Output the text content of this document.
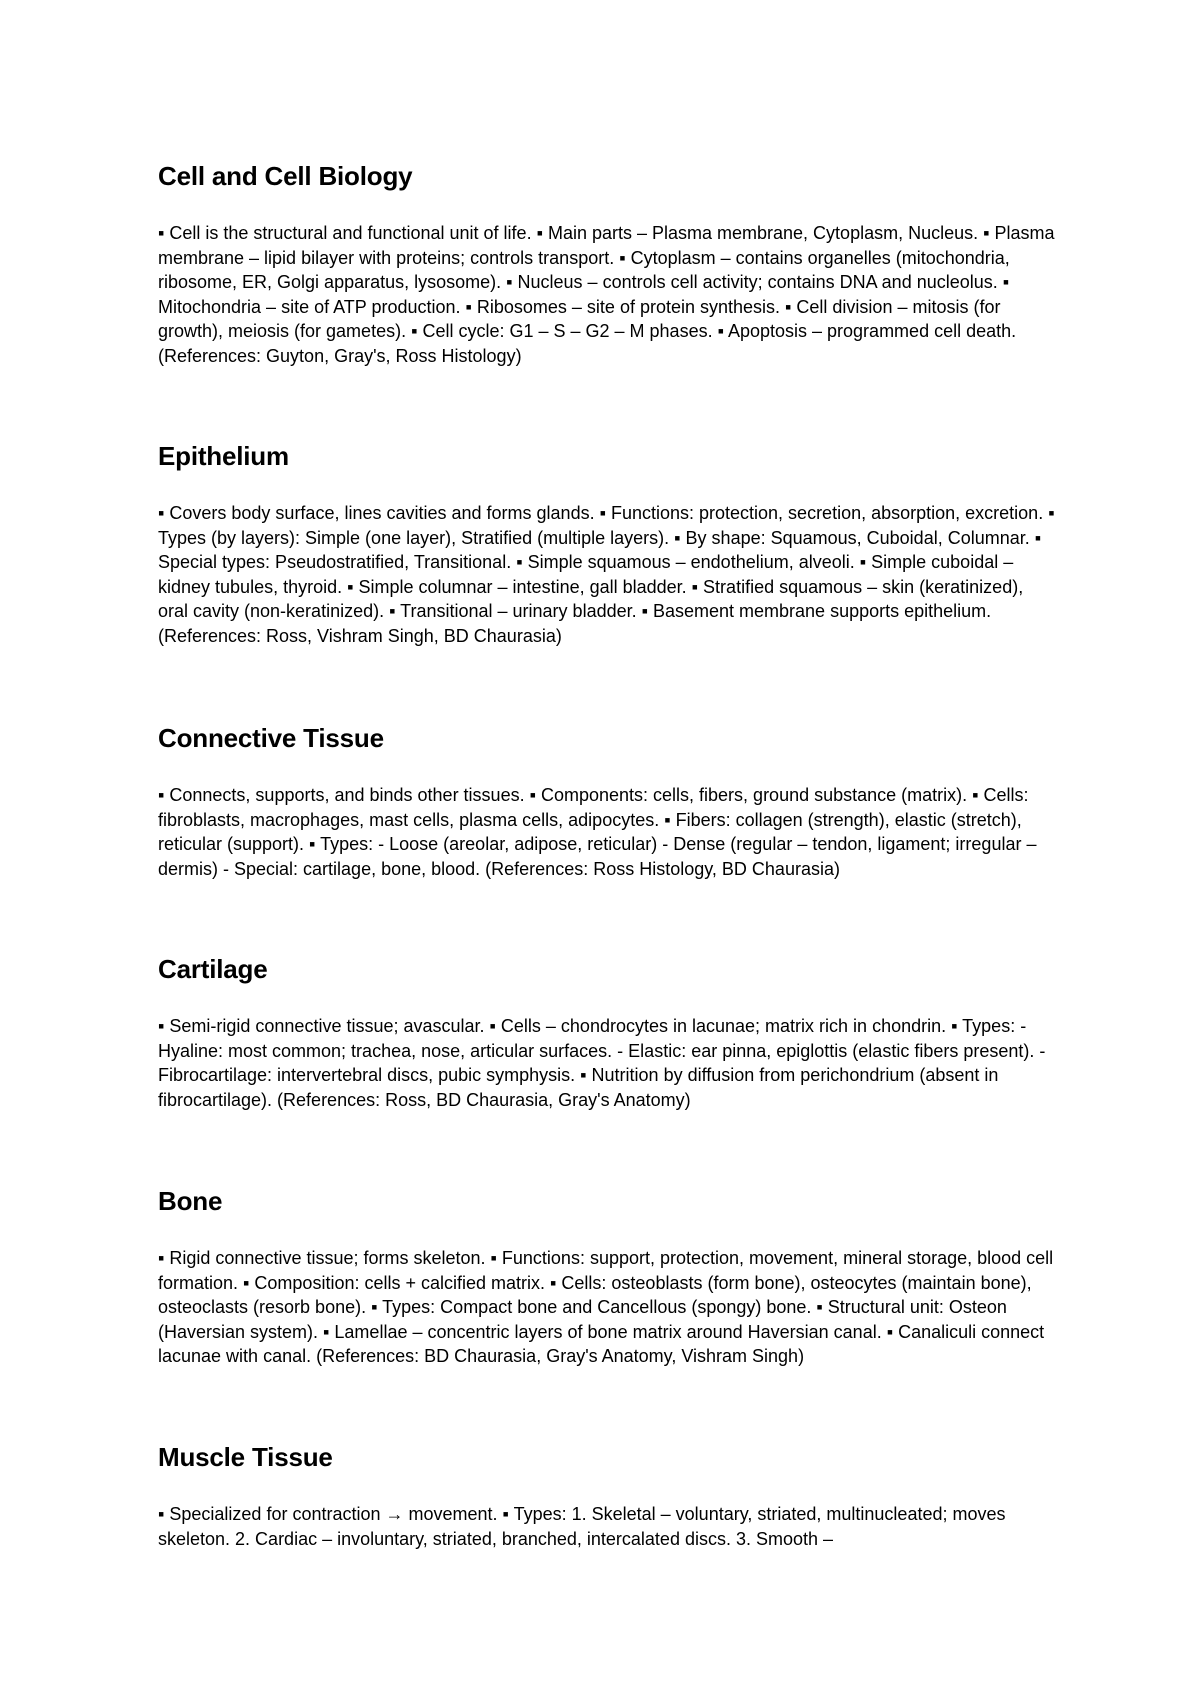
Cell and Cell Biology

▪ Cell is the structural and functional unit of life. ▪ Main parts – Plasma membrane, Cytoplasm, Nucleus. ▪ Plasma membrane – lipid bilayer with proteins; controls transport. ▪ Cytoplasm – contains organelles (mitochondria, ribosome, ER, Golgi apparatus, lysosome). ▪ Nucleus – controls cell activity; contains DNA and nucleolus. ▪ Mitochondria – site of ATP production. ▪ Ribosomes – site of protein synthesis. ▪ Cell division – mitosis (for growth), meiosis (for gametes). ▪ Cell cycle: G1 – S – G2 – M phases. ▪ Apoptosis – programmed cell death. (References: Guyton, Gray's, Ross Histology)

Epithelium

▪ Covers body surface, lines cavities and forms glands. ▪ Functions: protection, secretion, absorption, excretion. ▪ Types (by layers): Simple (one layer), Stratified (multiple layers). ▪ By shape: Squamous, Cuboidal, Columnar. ▪ Special types: Pseudostratified, Transitional. ▪ Simple squamous – endothelium, alveoli. ▪ Simple cuboidal – kidney tubules, thyroid. ▪ Simple columnar – intestine, gall bladder. ▪ Stratified squamous – skin (keratinized), oral cavity (non-keratinized). ▪ Transitional – urinary bladder. ▪ Basement membrane supports epithelium. (References: Ross, Vishram Singh, BD Chaurasia)

Connective Tissue

▪ Connects, supports, and binds other tissues. ▪ Components: cells, fibers, ground substance (matrix). ▪ Cells: fibroblasts, macrophages, mast cells, plasma cells, adipocytes. ▪ Fibers: collagen (strength), elastic (stretch), reticular (support). ▪ Types: - Loose (areolar, adipose, reticular) - Dense (regular – tendon, ligament; irregular – dermis) - Special: cartilage, bone, blood. (References: Ross Histology, BD Chaurasia)

Cartilage

▪ Semi-rigid connective tissue; avascular. ▪ Cells – chondrocytes in lacunae; matrix rich in chondrin. ▪ Types: - Hyaline: most common; trachea, nose, articular surfaces. - Elastic: ear pinna, epiglottis (elastic fibers present). - Fibrocartilage: intervertebral discs, pubic symphysis. ▪ Nutrition by diffusion from perichondrium (absent in fibrocartilage). (References: Ross, BD Chaurasia, Gray's Anatomy)

Bone

▪ Rigid connective tissue; forms skeleton. ▪ Functions: support, protection, movement, mineral storage, blood cell formation. ▪ Composition: cells + calcified matrix. ▪ Cells: osteoblasts (form bone), osteocytes (maintain bone), osteoclasts (resorb bone). ▪ Types: Compact bone and Cancellous (spongy) bone. ▪ Structural unit: Osteon (Haversian system). ▪ Lamellae – concentric layers of bone matrix around Haversian canal. ▪ Canaliculi connect lacunae with canal. (References: BD Chaurasia, Gray's Anatomy, Vishram Singh)

Muscle Tissue

▪ Specialized for contraction → movement. ▪ Types: 1. Skeletal – voluntary, striated, multinucleated; moves skeleton. 2. Cardiac – involuntary, striated, branched, intercalated discs. 3. Smooth –
